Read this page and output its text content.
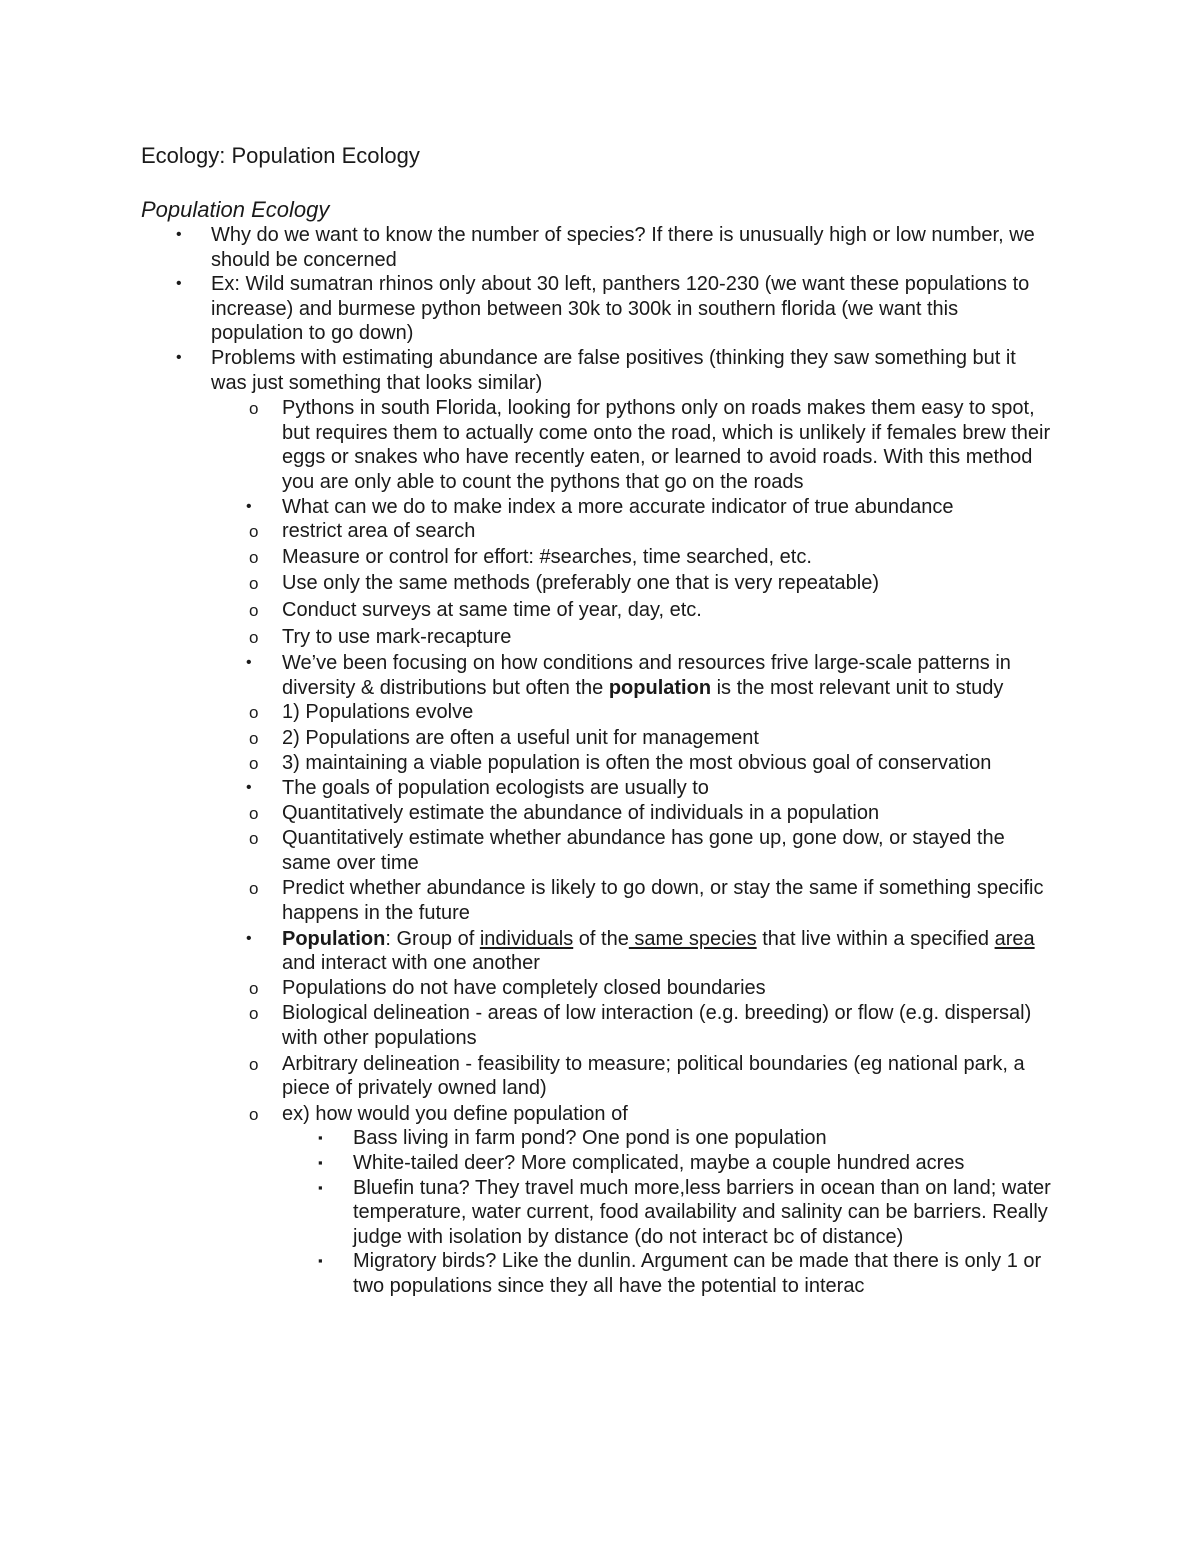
Ecology: Population Ecology
Population Ecology
• Why do we want to know the number of species? If there is unusually high or low number, we should be concerned
• Ex: Wild sumatran rhinos only about 30 left, panthers 120-230 (we want these populations to increase) and burmese python between 30k to 300k in southern florida (we want this population to go down)
• Problems with estimating abundance are false positives (thinking they saw something but it was just something that looks similar)
o Pythons in south Florida, looking for pythons only on roads makes them easy to spot, but requires them to actually come onto the road, which is unlikely if females brew their eggs or snakes who have recently eaten, or learned to avoid roads. With this method you are only able to count the pythons that go on the roads
• What can we do to make index a more accurate indicator of true abundance
o restrict area of search
o Measure or control for effort: #searches, time searched, etc.
o Use only the same methods (preferably one that is very repeatable)
o Conduct surveys at same time of year, day, etc.
o Try to use mark-recapture
• We’ve been focusing on how conditions and resources frive large-scale patterns in diversity & distributions but often the population is the most relevant unit to study
o 1) Populations evolve
o 2) Populations are often a useful unit for management
o 3) maintaining a viable population is often the most obvious goal of conservation
• The goals of population ecologists are usually to
o Quantitatively estimate the abundance of individuals in a population
o Quantitatively estimate whether abundance has gone up, gone dow, or stayed the same over time
o Predict whether abundance is likely to go down, or stay the same if something specific happens in the future
• Population: Group of individuals of the same species that live within a specified area and interact with one another
o Populations do not have completely closed boundaries
o Biological delineation - areas of low interaction (e.g. breeding) or flow (e.g. dispersal) with other populations
o Arbitrary delineation - feasibility to measure; political boundaries (eg national park, a piece of privately owned land)
o ex) how would you define population of
▪ Bass living in farm pond? One pond is one population
▪ White-tailed deer? More complicated, maybe a couple hundred acres
▪ Bluefin tuna? They travel much more,less barriers in ocean than on land; water temperature, water current, food availability and salinity can be barriers. Really judge with isolation by distance (do not interact bc of distance)
▪ Migratory birds? Like the dunlin. Argument can be made that there is only 1 or two populations since they all have the potential to interac
